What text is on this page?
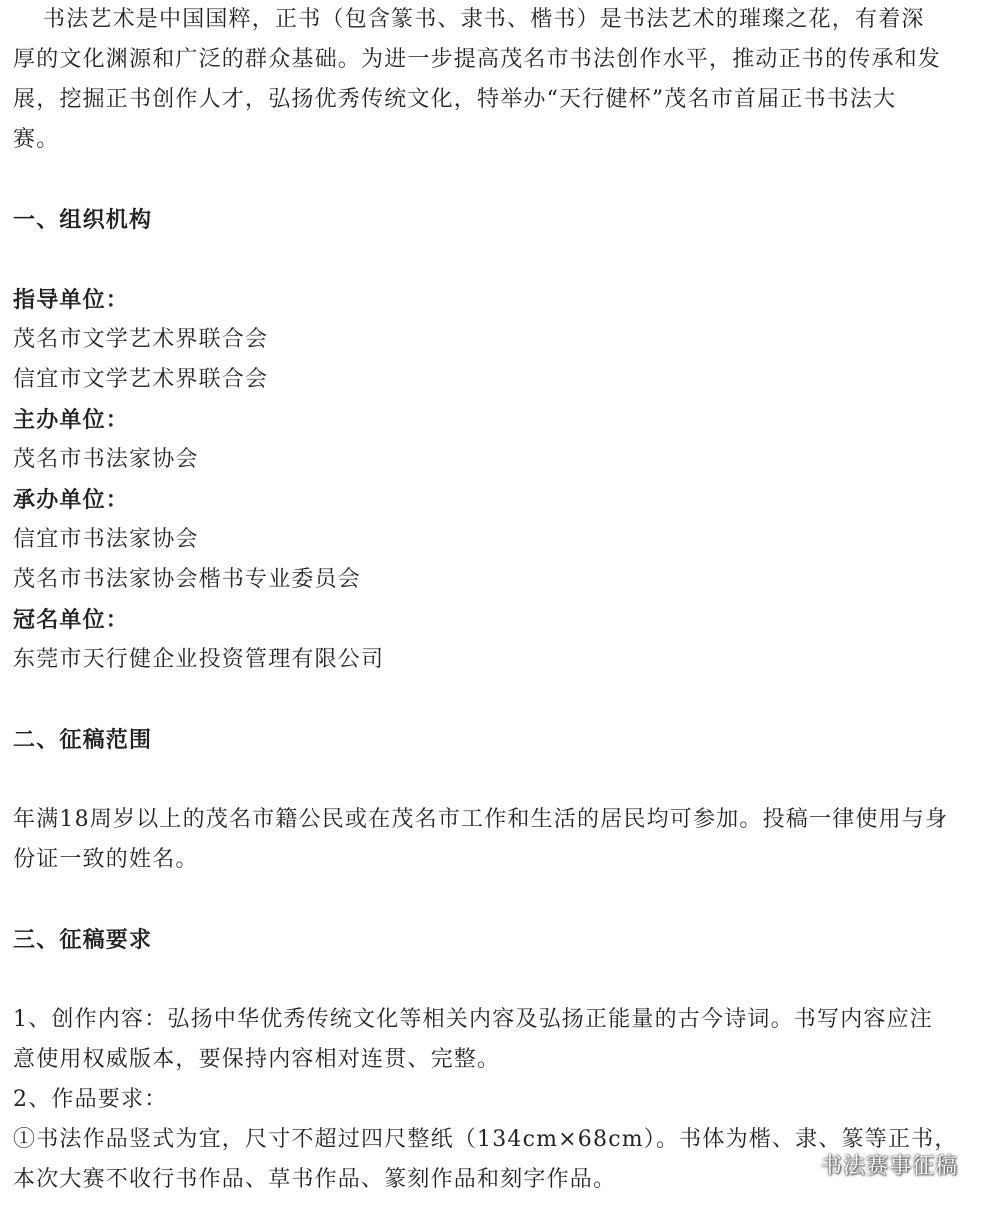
书法艺术是中国国粹，正书（包含篆书、隶书、楷书）是书法艺术的璀璨之花，有着深
厚的文化渊源和广泛的群众基础。为进一步提高茂名市书法创作水平，推动正书的传承和发
展，挖掘正书创作人才，弘扬优秀传统文化，特举办“天行健杯”茂名市首届正书书法大
赛。
一、组织机构
指导单位：
茂名市文学艺术界联合会
信宜市文学艺术界联合会
主办单位：
茂名市书法家协会
承办单位：
信宜市书法家协会
茂名市书法家协会楷书专业委员会
冠名单位：
东莞市天行健企业投资管理有限公司
二、征稿范围
年满18周岁以上的茂名市籍公民或在茂名市工作和生活的居民均可参加。投稿一律使用与身
份证一致的姓名。
三、征稿要求
1、创作内容：弘扬中华优秀传统文化等相关内容及弘扬正能量的古今诗词。书写内容应注
意使用权威版本，要保持内容相对连贯、完整。
2、作品要求：
①书法作品竖式为宜，尺寸不超过四尺整纸（134cm×68cm）。书体为楷、隶、篆等正书，
本次大赛不收行书作品、草书作品、篆刻作品和刻字作品。
书法赛事征稿
